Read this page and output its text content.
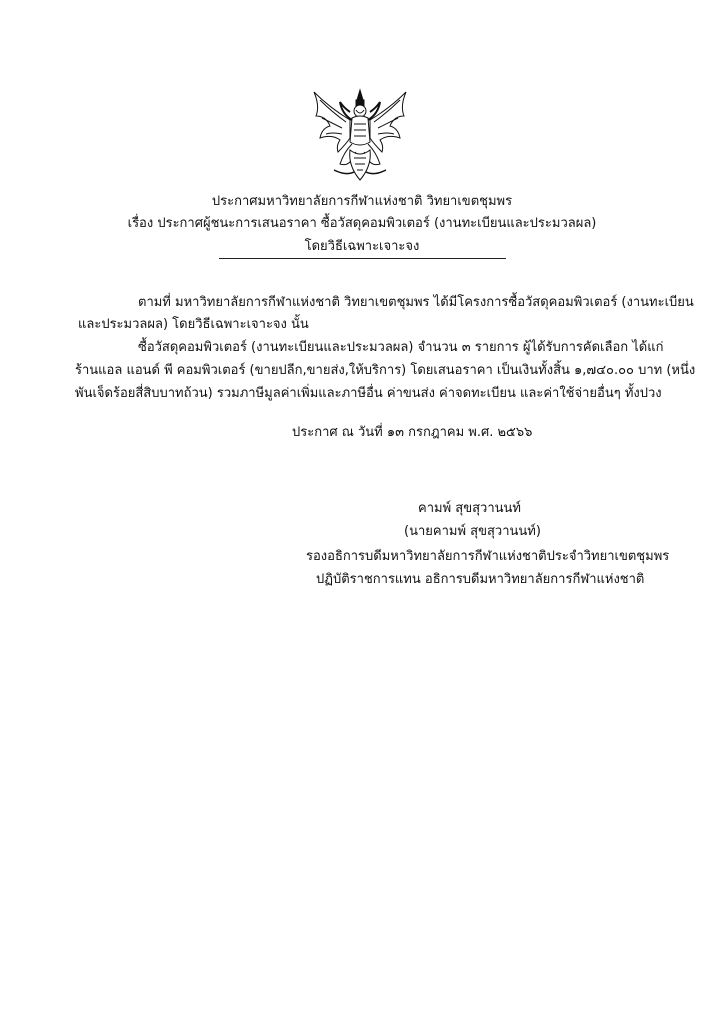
ประกาศมหาวิทยาลัยการกีฬาแห่งชาติ วิทยาเขตชุมพร
เรื่อง ประกาศผู้ชนะการเสนอราคา ซื้อวัสดุคอมพิวเตอร์ (งานทะเบียนและประมวลผล)
โดยวิธีเฉพาะเจาะจง
ตามที่ มหาวิทยาลัยการกีฬาแห่งชาติ วิทยาเขตชุมพร ได้มีโครงการซื้อวัสดุคอมพิวเตอร์ (งานทะเบียน
และประมวลผล) โดยวิธีเฉพาะเจาะจง นั้น
ซื้อวัสดุคอมพิวเตอร์ (งานทะเบียนและประมวลผล) จำนวน ๓ รายการ ผู้ได้รับการคัดเลือก ได้แก่
ร้านแอล แอนด์ พี คอมพิวเตอร์ (ขายปลีก,ขายส่ง,ให้บริการ) โดยเสนอราคา เป็นเงินทั้งสิ้น ๑,๗๔๐.๐๐ บาท (หนึ่ง
พันเจ็ดร้อยสี่สิบบาทถ้วน) รวมภาษีมูลค่าเพิ่มและภาษีอื่น ค่าขนส่ง ค่าจดทะเบียน และค่าใช้จ่ายอื่นๆ ทั้งปวง
ประกาศ ณ วันที่ ๑๓ กรกฎาคม พ.ศ. ๒๕๖๖
คามพ์ สุขสุวานนท์
(นายคามพ์ สุขสุวานนท์)
รองอธิการบดีมหาวิทยาลัยการกีฬาแห่งชาติประจำวิทยาเขตชุมพร
ปฏิบัติราชการแทน อธิการบดีมหาวิทยาลัยการกีฬาแห่งชาติ
